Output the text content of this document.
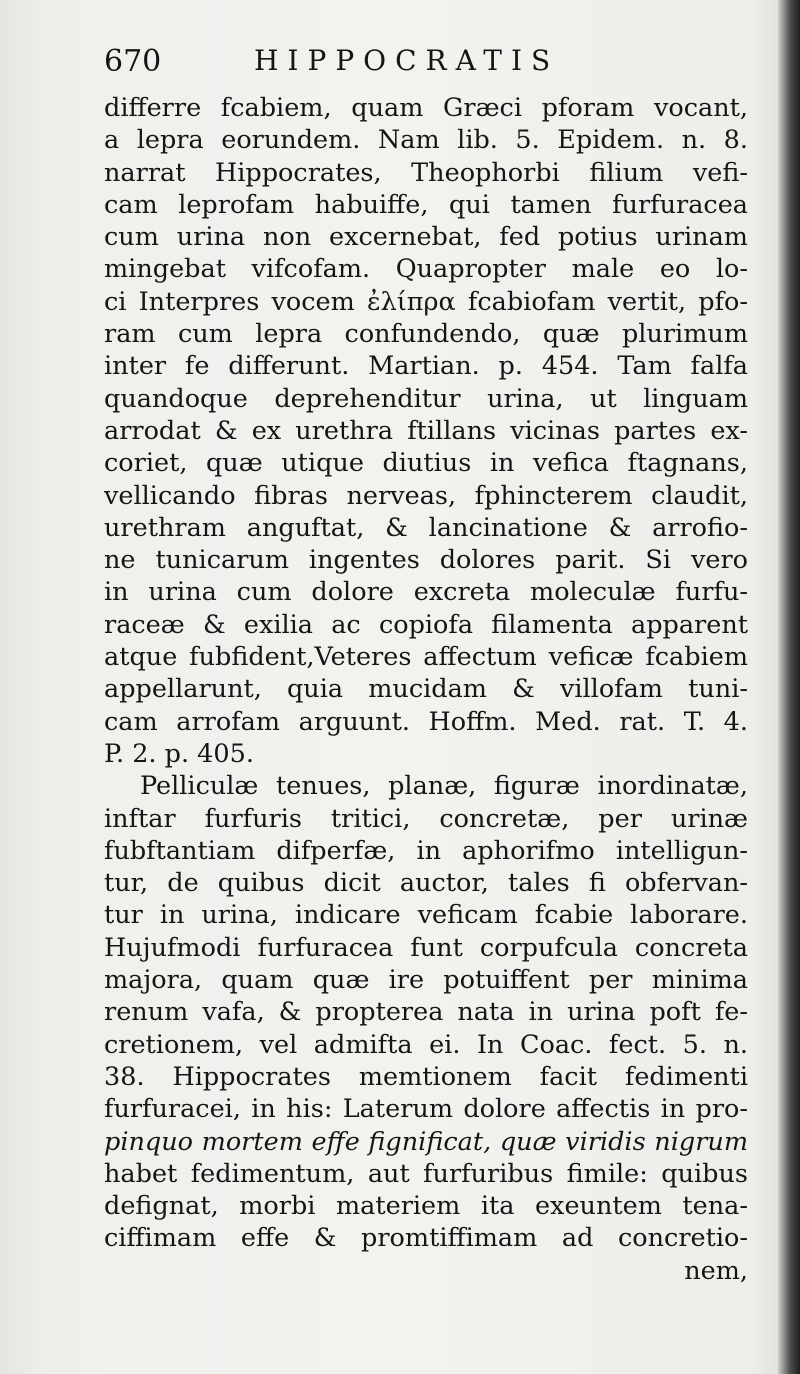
670	HIPPOCRATIS
differre fcabiem, quam Græci pforam vocant,
a lepra eorundem. Nam lib. 5. Epidem. n. 8.
narrat Hippocrates, Theophorbi filium vefi-
cam leprofam habuiffe, qui tamen furfuracea
cum urina non excernebat, fed potius urinam
mingebat vifcofam. Quapropter male eo lo-
ci Interpres vocem ἐλίπρα fcabiofam vertit, pfo-
ram cum lepra confundendo, quæ plurimum
inter fe differunt. Martian. p. 454. Tam falfa
quandoque deprehenditur urina, ut linguam
arrodat & ex urethra ftillans vicinas partes ex-
coriet, quæ utique diutius in vefica ftagnans,
vellicando fibras nerveas, fphincterem claudit,
urethram anguftat, & lancinatione & arrofio-
ne tunicarum ingentes dolores parit. Si vero
in urina cum dolore excreta moleculæ furfu-
raceæ & exilia ac copiofa filamenta apparent
atque fubfident,Veteres affectum veficæ fcabiem
appellarunt, quia mucidam & villofam tuni-
cam arrofam arguunt. Hoffm. Med. rat. T. 4.
P. 2. p. 405.
Pelliculæ tenues, planæ, figuræ inordinatæ,
inftar furfuris tritici, concretæ, per urinæ
fubftantiam difperfæ, in aphorifmo intelligun-
tur, de quibus dicit auctor, tales fi obfervan-
tur in urina, indicare veficam fcabie laborare.
Hujufmodi furfuracea funt corpufcula concreta
majora, quam quæ ire potuiffent per minima
renum vafa, & propterea nata in urina poft fe-
cretionem, vel admifta ei. In Coac. fect. 5. n.
38. Hippocrates memtionem facit fedimenti
furfuracei, in his: Laterum dolore affectis in pro-
pinquo mortem effe fignificat, quæ viridis nigrum
habet fedimentum, aut furfuribus fimile: quibus
defignat, morbi materiem ita exeuntem tena-
ciffimam effe & promtiffimam ad concretio-
nem,
